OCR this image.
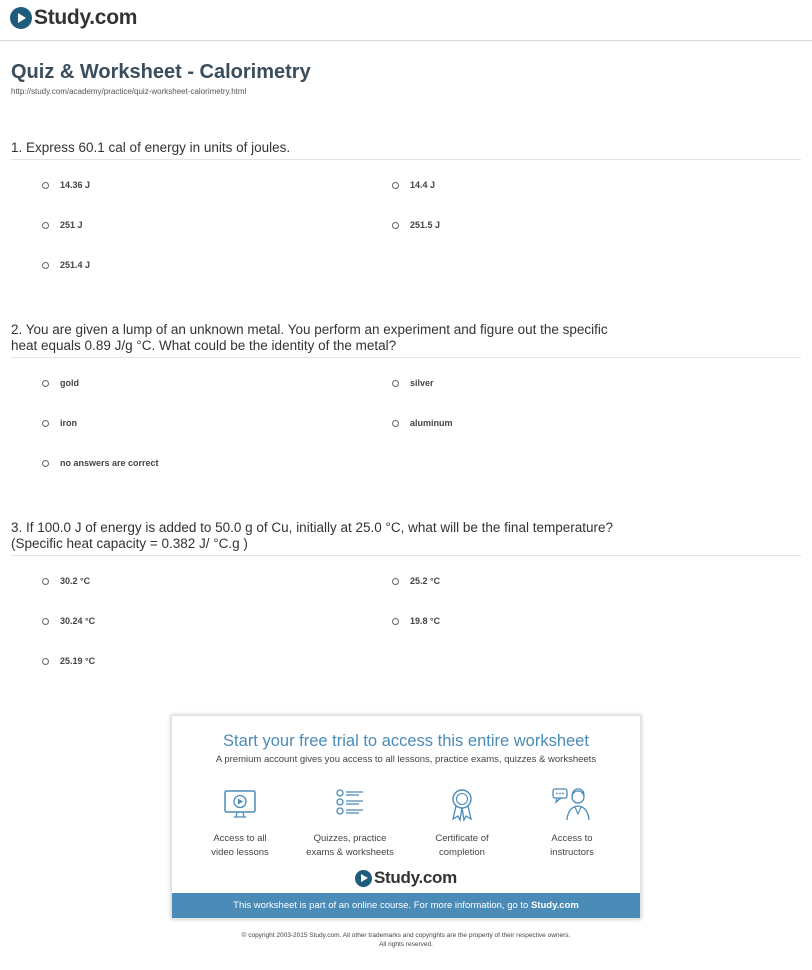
Study.com
Quiz & Worksheet - Calorimetry
http://study.com/academy/practice/quiz-worksheet-calorimetry.html
1. Express 60.1 cal of energy in units of joules.
14.36 J	14.4 J
251 J	251.5 J
251.4 J
2. You are given a lump of an unknown metal. You perform an experiment and figure out the specific
heat equals 0.89 J/g °C. What could be the identity of the metal?
gold	silver
iron	aluminum
no answers are correct
3. If 100.0 J of energy is added to 50.0 g of Cu, initially at 25.0 °C, what will be the final temperature?
(Specific heat capacity = 0.382 J/ °C.g )
30.2 °C	25.2 °C
30.24 °C	19.8 °C
25.19 °C
Start your free trial to access this entire worksheet
A premium account gives you access to all lessons, practice exams, quizzes & worksheets
Access to all
video lessons
Quizzes, practice
exams & worksheets
Certificate of
completion
Access to
instructors
Study.com
This worksheet is part of an online course. For more information, go to Study.com
© copyright 2003-2015 Study.com. All other trademarks and copyrights are the property of their respective owners.
All rights reserved.
